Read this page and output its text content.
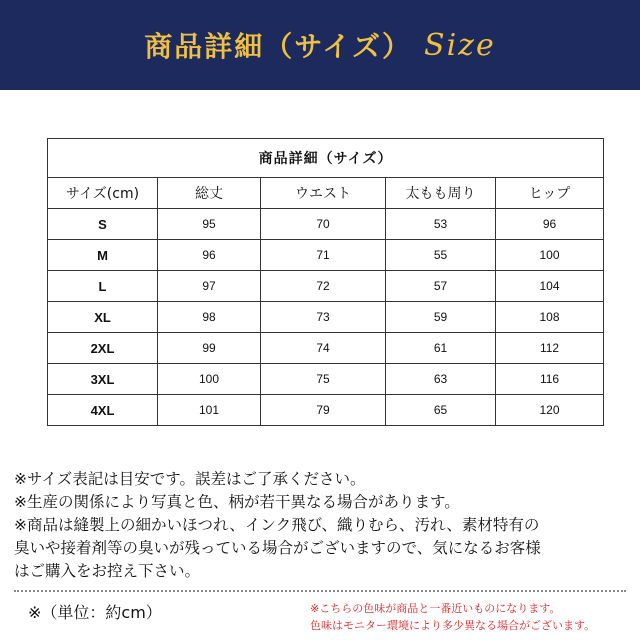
商品詳細（サイズ） Size
商品詳細（サイズ）				
サイズ(cm)	総丈	ウエスト	太もも周り	ヒップ
S	95	70	53	96
M	96	71	55	100
L	97	72	57	104
XL	98	73	59	108
2XL	99	74	61	112
3XL	100	75	63	116
4XL	101	79	65	120
※サイズ表記は目安です。誤差はご了承ください。
※生産の関係により写真と色、柄が若干異なる場合があります。
※商品は縫製上の細かいほつれ、インク飛び、織りむら、汚れ、素材特有の
臭いや接着剤等の臭いが残っている場合がございますので、気になるお客様
はご購入をお控え下さい。
※（単位：約cm）	※こちらの色味が商品と一番近いものになります。
色味はモニター環境により多少異なる場合がございます。
